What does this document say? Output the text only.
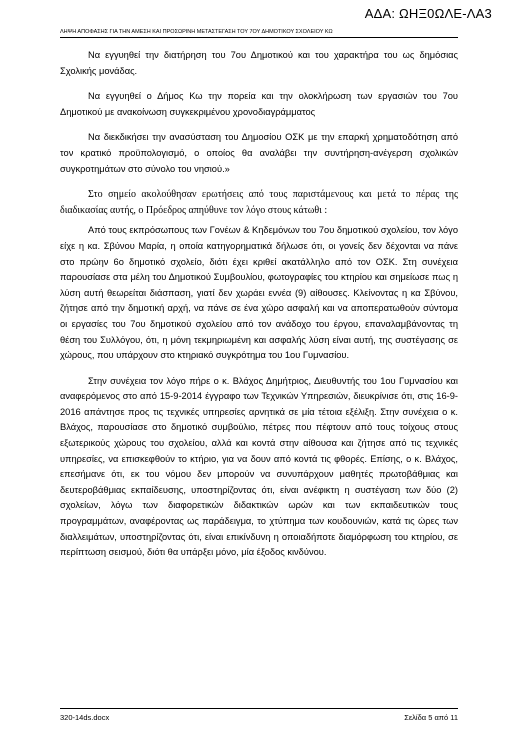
ΑΔΑ: ΩΗΞ0ΩΛΕ-ΛΑ3
ΛΗΨΗ ΑΠΟΦΑΣΗΣ ΓΙΑ ΤΗΝ ΑΜΕΣΗ ΚΑΙ ΠΡΟΣΩΡΙΝΗ ΜΕΤΑΣΤΕΓΑΣΗ ΤΟΥ 7ΟΥ ΔΗΜΟΤΙΚΟΥ ΣΧΟΛΕΙΟΥ ΚΩ

Να εγγυηθεί την διατήρηση του 7ου Δημοτικού και του χαρακτήρα του ως δημόσιας Σχολικής μονάδας.

Να εγγυηθεί ο Δήμος Κω την πορεία και την ολοκλήρωση των εργασιών του 7ου Δημοτικού με ανακοίνωση συγκεκριμένου χρονοδιαγράμματος

Να διεκδικήσει την ανασύσταση του Δημοσίου ΟΣΚ με την επαρκή χρηματοδότηση από τον κρατικό προϋπολογισμό, ο οποίος θα αναλάβει την συντήρηση-ανέγερση σχολικών συγκροτημάτων στο σύνολο του νησιού.»

Στο σημείο ακολούθησαν ερωτήσεις από τους παριστάμενους και μετά το πέρας της διαδικασίας αυτής, ο Πρόεδρος απηύθυνε τον λόγο στους κάτωθι :

Από τους εκπρόσωπους των Γονέων & Κηδεμόνων του 7ου δημοτικού σχολείου, τον λόγο είχε η κα. Σβύνου Μαρία, η οποία κατηγορηματικά δήλωσε ότι, οι γονείς δεν δέχονται να πάνε στο πρώην 6ο δημοτικό σχολείο, διότι έχει κριθεί ακατάλληλο από τον ΟΣΚ. Στη συνέχεια παρουσίασε στα μέλη του Δημοτικού Συμβουλίου, φωτογραφίες του κτηρίου και σημείωσε πως η λύση αυτή θεωρείται διάσπαση, γιατί δεν χωράει εννέα (9) αίθουσες. Κλείνοντας η κα Σβύνου, ζήτησε από την δημοτική αρχή, να πάνε σε ένα χώρο ασφαλή και να αποπερατωθούν σύντομα οι εργασίες του 7ου δημοτικού σχολείου από τον ανάδοχο του έργου, επαναλαμβάνοντας τη θέση του Συλλόγου, ότι, η μόνη τεκμηριωμένη και ασφαλής λύση είναι αυτή, της συστέγασης σε χώρους, που υπάρχουν στο κτηριακό συγκρότημα του 1ου Γυμνασίου.

Στην συνέχεια τον λόγο πήρε ο κ. Βλάχος Δημήτριος, Διευθυντής του 1ου Γυμνασίου και αναφερόμενος στο από 15-9-2014 έγγραφο των Τεχνικών Υπηρεσιών, διευκρίνισε ότι, στις 16-9-2016 απάντησε προς τις τεχνικές υπηρεσίες αρνητικά σε μία τέτοια εξέλιξη. Στην συνέχεια ο κ. Βλάχος, παρουσίασε στο δημοτικό συμβούλιο, πέτρες που πέφτουν από τους τοίχους στους εξωτερικούς χώρους του σχολείου, αλλά και κοντά στην αίθουσα και ζήτησε από τις τεχνικές υπηρεσίες, να επισκεφθούν το κτήριο, για να δουν από κοντά τις φθορές. Επίσης, ο κ. Βλάχος, επεσήμανε ότι, εκ του νόμου δεν μπορούν να συνυπάρχουν μαθητές πρωτοβάθμιας και δευτεροβάθμιας εκπαίδευσης, υποστηρίζοντας ότι, είναι ανέφικτη η συστέγαση των δύο (2) σχολείων, λόγω των διαφορετικών διδακτικών ωρών και των εκπαιδευτικών τους προγραμμάτων, αναφέροντας ως παράδειγμα, το χτύπημα των κουδουνιών, κατά τις ώρες των διαλλειμάτων, υποστηρίζοντας ότι, είναι επικίνδυνη η οποιαδήποτε διαμόρφωση του κτηρίου, σε περίπτωση σεισμού, διότι θα υπάρξει μόνο, μία έξοδος κινδύνου.

320-14ds.docx	Σελίδα 5 από 11
